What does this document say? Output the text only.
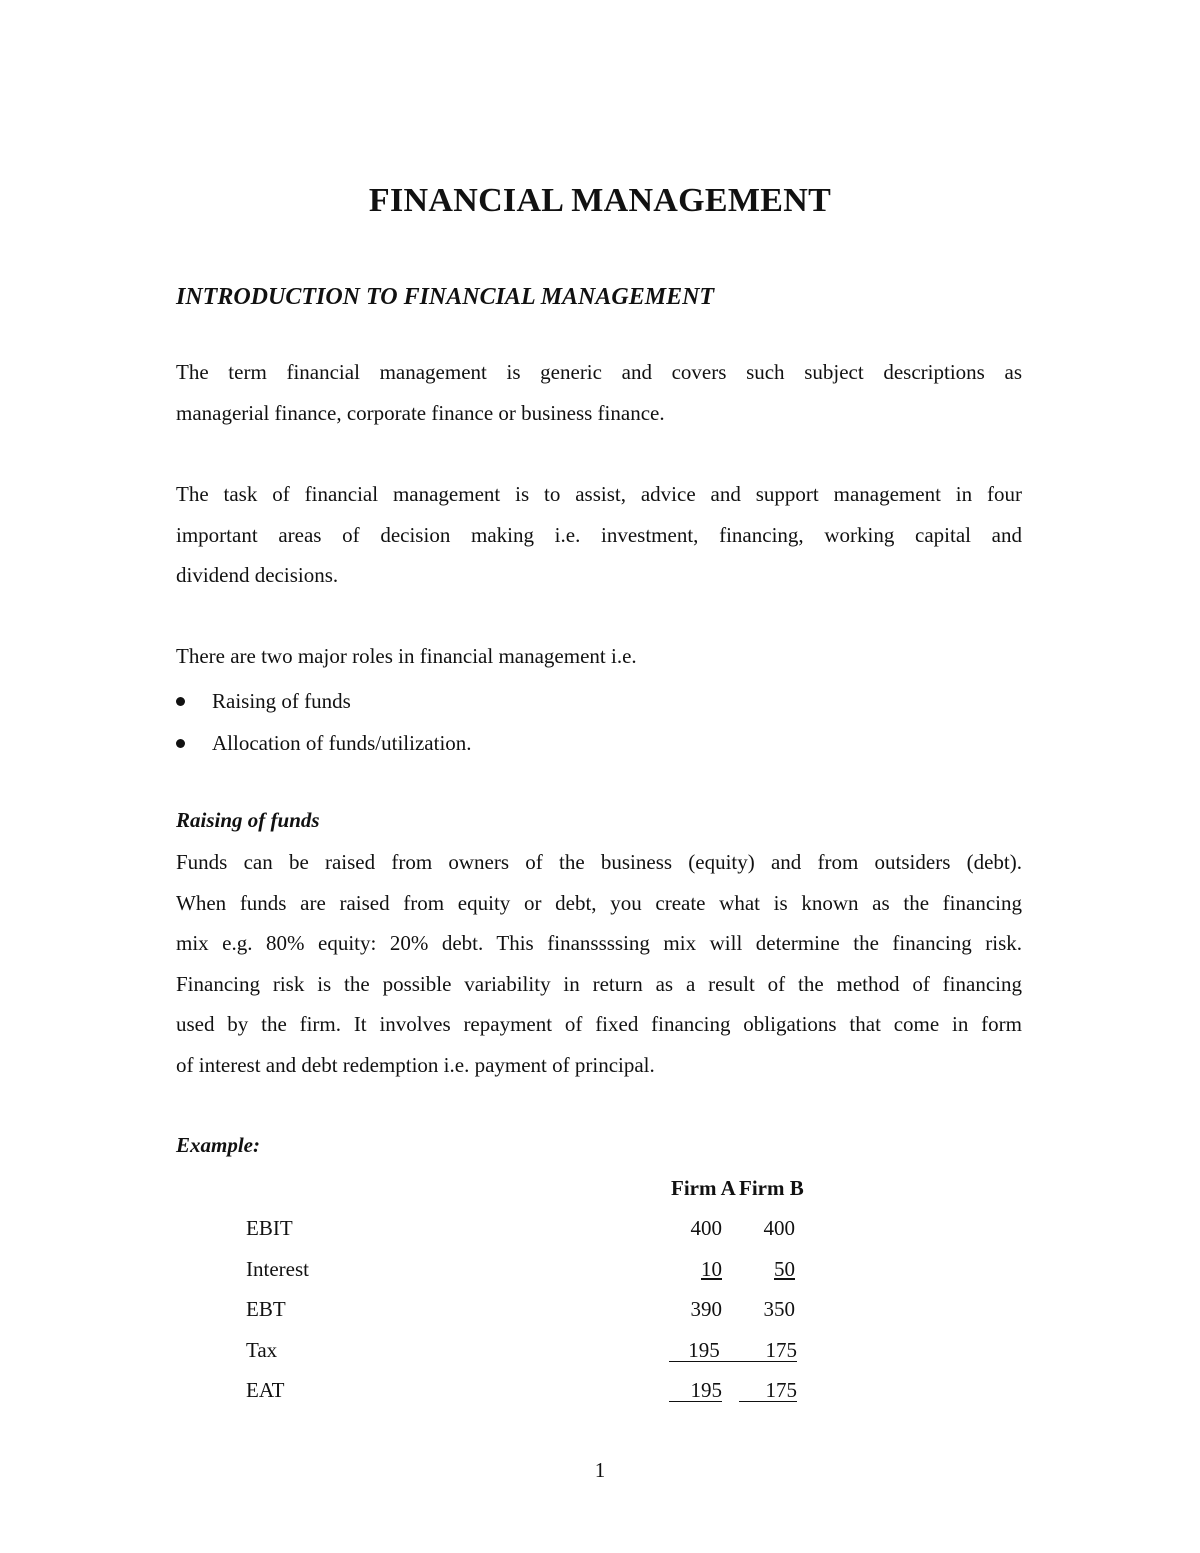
FINANCIAL MANAGEMENT
INTRODUCTION TO FINANCIAL MANAGEMENT

The term financial management is generic and covers such subject descriptions as
managerial finance, corporate finance or business finance.

The task of financial management is to assist, advice and support management in four
important areas of decision making i.e. investment, financing, working capital and
dividend decisions.

There are two major roles in financial management i.e.

Raising of funds
Allocation of funds/utilization.
Raising of funds

Funds can be raised from owners of the business (equity) and from outsiders (debt).
When funds are raised from equity or debt, you create what is known as the financing
mix e.g. 80% equity: 20% debt. This finanssssing mix will determine the financing risk.
Financing risk is the possible variability in return as a result of the method of financing
used by the firm. It involves repayment of fixed financing obligations that come in form
of interest and debt redemption i.e. payment of principal.

Example:
	Firm A	Firm B
EBIT	400	400
Interest	10	50
EBT	390	350
Tax	195	175
EAT	195	175
1
